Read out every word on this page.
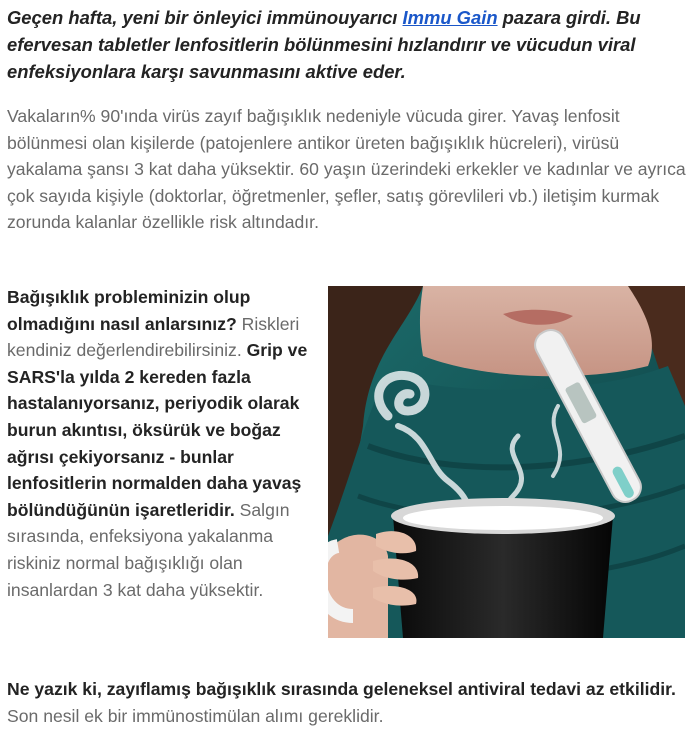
Geçen hafta, yeni bir önleyici immünouyarıcı Immu Gain pazara girdi. Bu efervesan tabletler lenfositlerin bölünmesini hızlandırır ve vücudun viral enfeksiyonlara karşı savunmasını aktive eder.

Vakaların% 90'ında virüs zayıf bağışıklık nedeniyle vücuda girer. Yavaş lenfosit bölünmesi olan kişilerde (patojenlere antikor üreten bağışıklık hücreleri), virüsü yakalama şansı 3 kat daha yüksektir. 60 yaşın üzerindeki erkekler ve kadınlar ve ayrıca çok sayıda kişiyle (doktorlar, öğretmenler, şefler, satış görevlileri vb.) iletişim kurmak zorunda kalanlar özellikle risk altındadır.

Bağışıklık probleminizin olup olmadığını nasıl anlarsınız? Riskleri kendiniz değerlendirebilirsiniz. Grip ve SARS'la yılda 2 kereden fazla hastalanıyorsanız, periyodik olarak burun akıntısı, öksürük ve boğaz ağrısı çekiyorsanız - bunlar lenfositlerin normalden daha yavaş bölündüğünün işaretleridir. Salgın sırasında, enfeksiyona yakalanma riskiniz normal bağışıklığı olan insanlardan 3 kat daha yüksektir.

Ne yazık ki, zayıflamış bağışıklık sırasında geleneksel antiviral tedavi az etkilidir. Son nesil ek bir immünostimülan alımı gereklidir.
